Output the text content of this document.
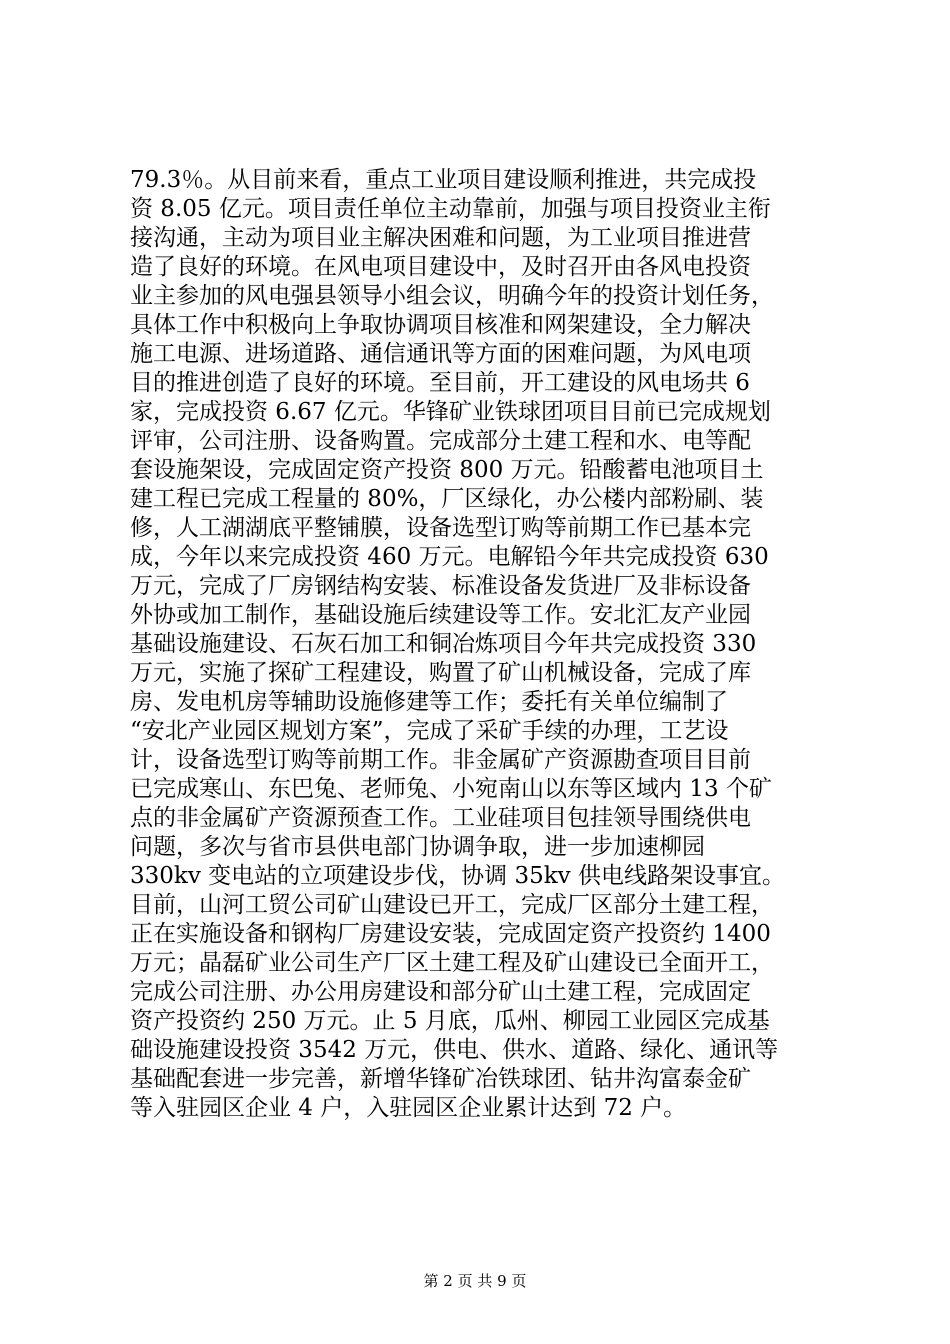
79.3％。从目前来看，重点工业项目建设顺利推进，共完成投
资 8.05 亿元。项目责任单位主动靠前，加强与项目投资业主衔
接沟通，主动为项目业主解决困难和问题，为工业项目推进营
造了良好的环境。在风电项目建设中，及时召开由各风电投资
业主参加的风电强县领导小组会议，明确今年的投资计划任务，
具体工作中积极向上争取协调项目核准和网架建设，全力解决
施工电源、进场道路、通信通讯等方面的困难问题，为风电项
目的推进创造了良好的环境。至目前，开工建设的风电场共 6
家，完成投资 6.67 亿元。华锋矿业铁球团项目目前已完成规划
评审，公司注册、设备购置。完成部分土建工程和水、电等配
套设施架设，完成固定资产投资 800 万元。铅酸蓄电池项目土
建工程已完成工程量的 80%，厂区绿化，办公楼内部粉刷、装
修，人工湖湖底平整铺膜，设备选型订购等前期工作已基本完
成，今年以来完成投资 460 万元。电解铅今年共完成投资 630
万元，完成了厂房钢结构安装、标准设备发货进厂及非标设备
外协或加工制作，基础设施后续建设等工作。安北汇友产业园
基础设施建设、石灰石加工和铜冶炼项目今年共完成投资 330
万元，实施了探矿工程建设，购置了矿山机械设备，完成了库
房、发电机房等辅助设施修建等工作；委托有关单位编制了
“安北产业园区规划方案”，完成了采矿手续的办理，工艺设
计，设备选型订购等前期工作。非金属矿产资源勘查项目目前
已完成寒山、东巴兔、老师兔、小宛南山以东等区域内 13 个矿
点的非金属矿产资源预查工作。工业硅项目包挂领导围绕供电
问题，多次与省市县供电部门协调争取，进一步加速柳园
330kv 变电站的立项建设步伐，协调 35kv 供电线路架设事宜。
目前，山河工贸公司矿山建设已开工，完成厂区部分土建工程，
正在实施设备和钢构厂房建设安装，完成固定资产投资约 1400
万元；晶磊矿业公司生产厂区土建工程及矿山建设已全面开工，
完成公司注册、办公用房建设和部分矿山土建工程，完成固定
资产投资约 250 万元。止 5 月底，瓜州、柳园工业园区完成基
础设施建设投资 3542 万元，供电、供水、道路、绿化、通讯等
基础配套进一步完善，新增华锋矿冶铁球团、钻井沟富泰金矿
等入驻园区企业 4 户，入驻园区企业累计达到 72 户。
第 2 页 共 9 页
